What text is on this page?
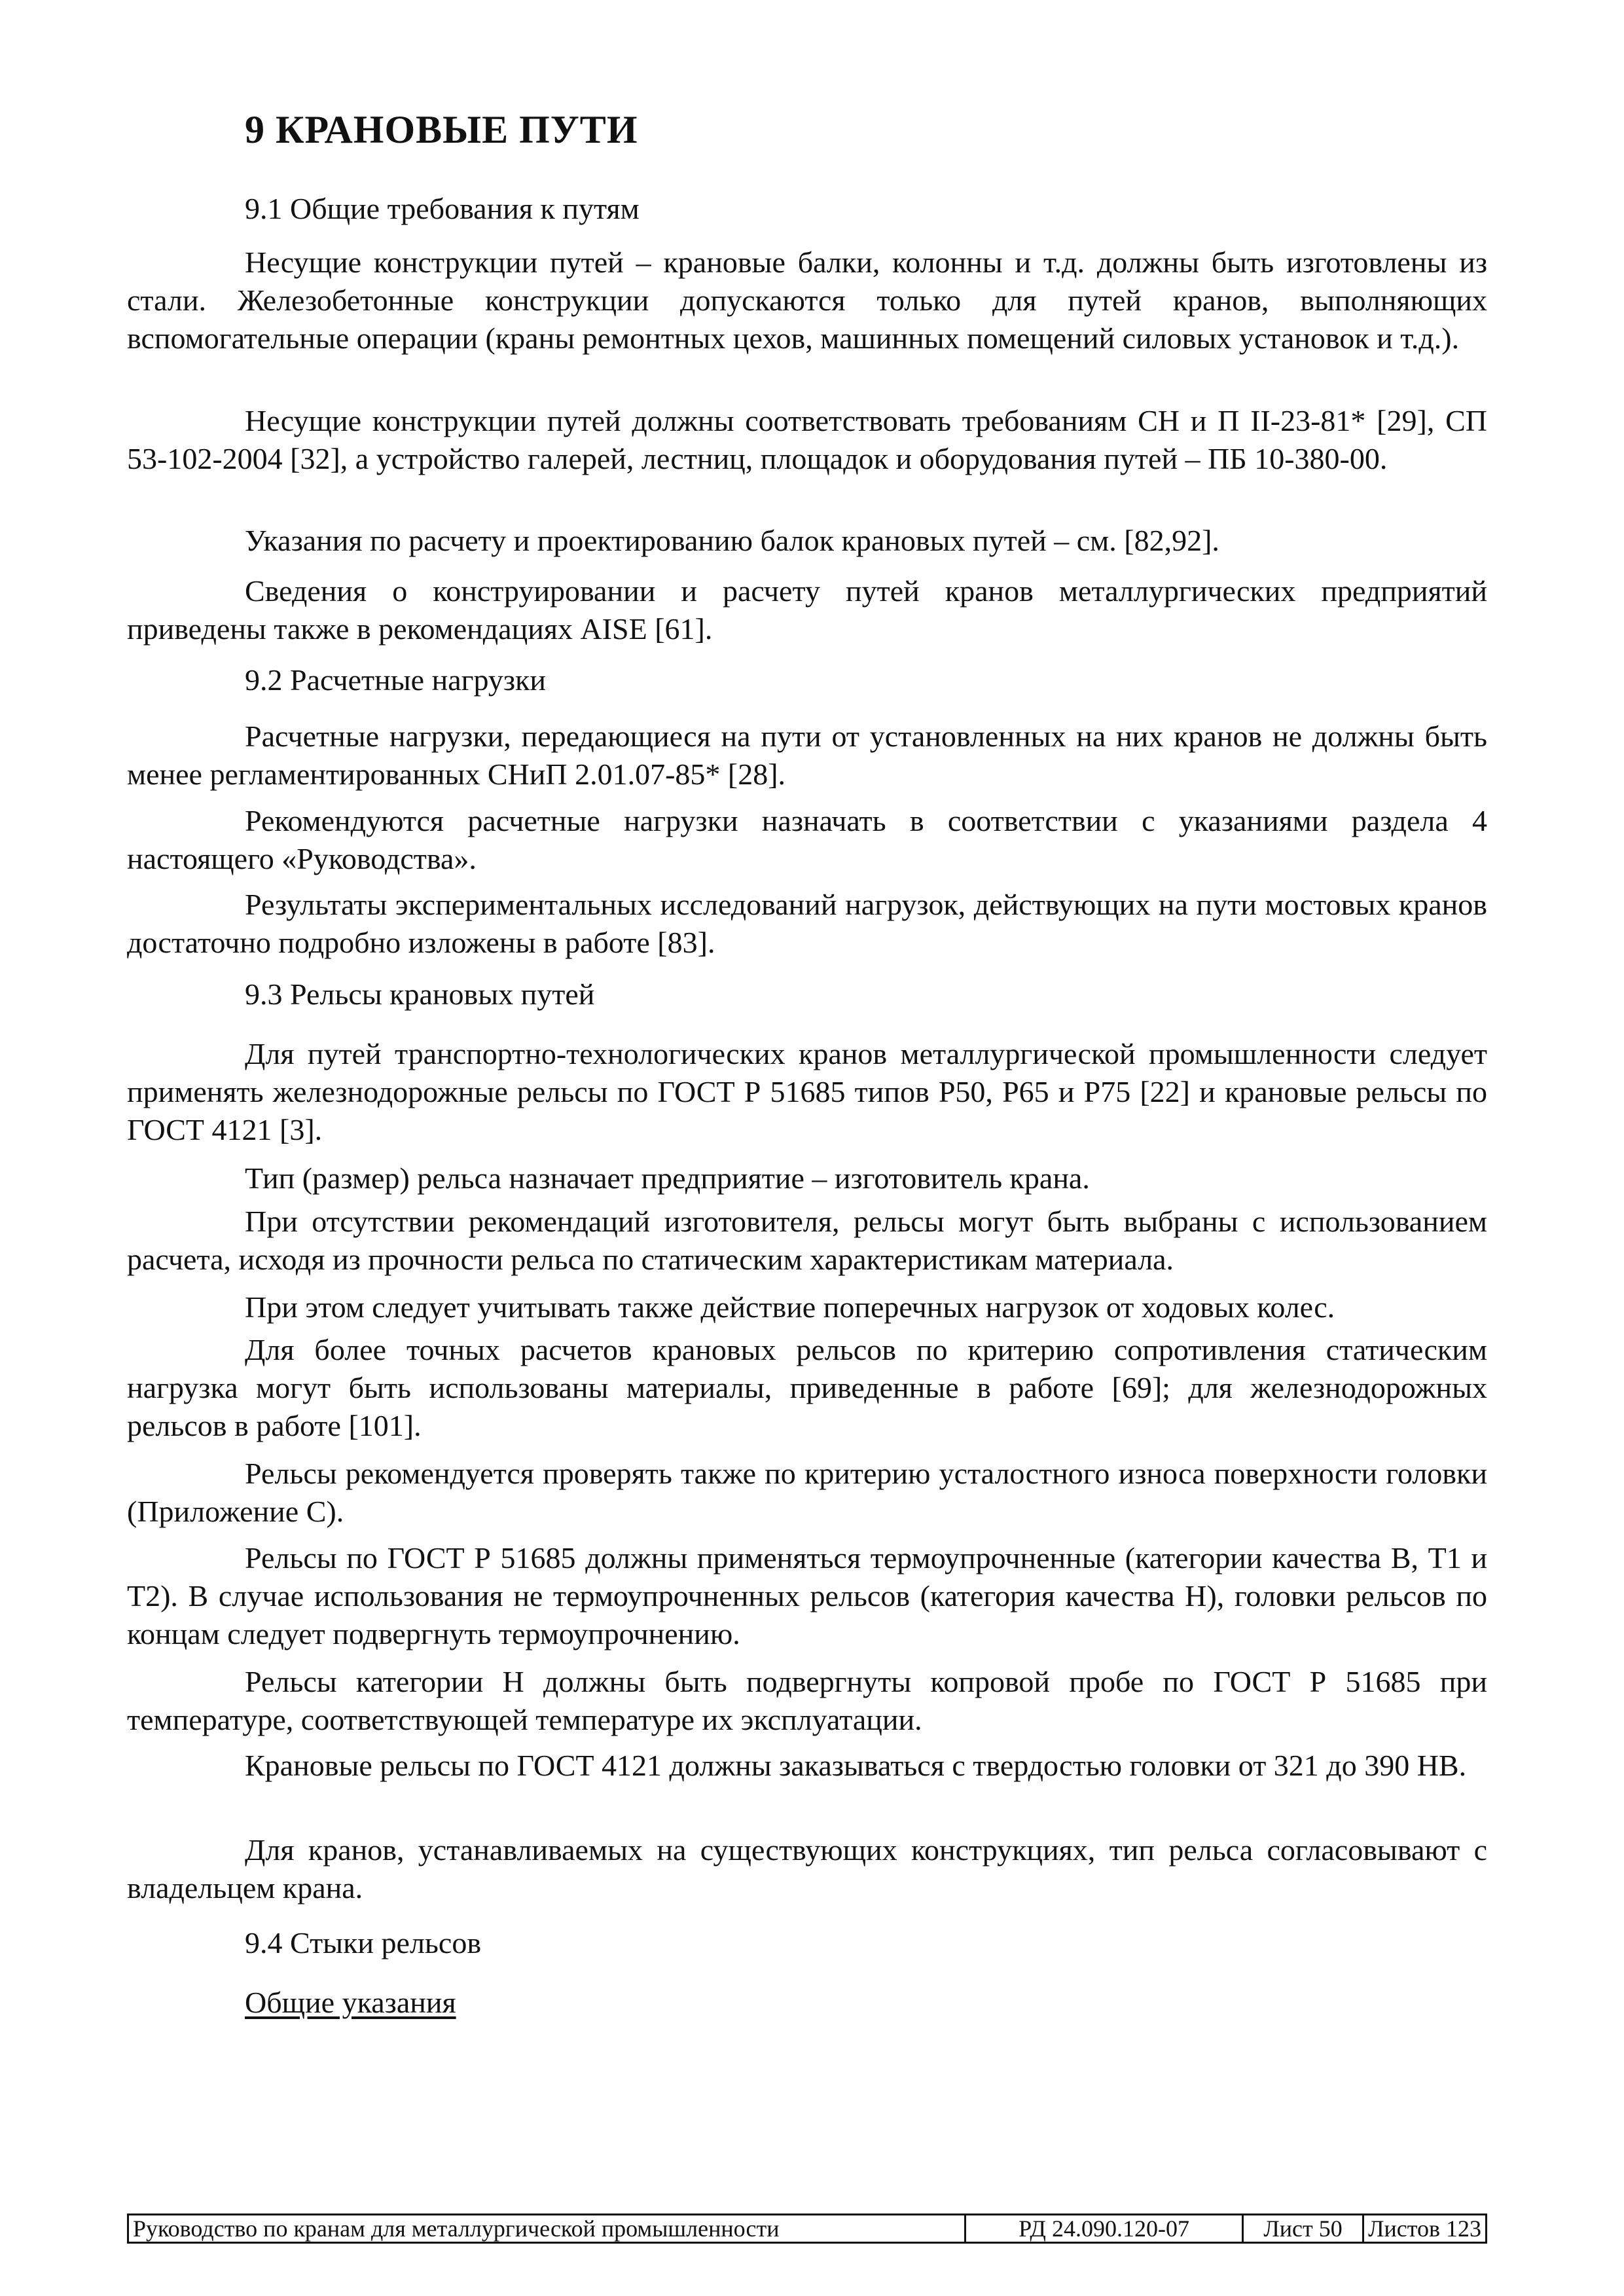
9 КРАНОВЫЕ ПУТИ
9.1 Общие требования к путям

Несущие конструкции путей – крановые балки, колонны и т.д. должны быть изготовлены из стали. Железобетонные конструкции допускаются только для путей кранов, выполняющих вспомогательные операции (краны ремонтных цехов, машинных помещений силовых установок и т.д.).

Несущие конструкции путей должны соответствовать требованиям СН и П II-23-81* [29], СП 53-102-2004 [32], а устройство галерей, лестниц, площадок и оборудования путей – ПБ 10-380-00.

Указания по расчету и проектированию балок крановых путей – см. [82,92].

Сведения о конструировании и расчету путей кранов металлургических предприятий приведены также в рекомендациях AISE [61].

9.2 Расчетные нагрузки

Расчетные нагрузки, передающиеся на пути от установленных на них кранов не должны быть менее регламентированных СНиП 2.01.07-85* [28].

Рекомендуются расчетные нагрузки назначать в соответствии с указаниями раздела 4 настоящего «Руководства».

Результаты экспериментальных исследований нагрузок, действующих на пути мостовых кранов достаточно подробно изложены в работе [83].

9.3 Рельсы крановых путей

Для путей транспортно-технологических кранов металлургической промышленности следует применять железнодорожные рельсы по ГОСТ Р 51685 типов Р50, Р65 и Р75 [22] и крановые рельсы по ГОСТ 4121 [3].

Тип (размер) рельса назначает предприятие – изготовитель крана.

При отсутствии рекомендаций изготовителя, рельсы могут быть выбраны с использованием расчета, исходя из прочности рельса по статическим характеристикам материала.

При этом следует учитывать также действие поперечных нагрузок от ходовых колес.

Для более точных расчетов крановых рельсов по критерию сопротивления статическим нагрузка могут быть использованы материалы, приведенные в работе [69]; для железнодорожных рельсов в работе [101].

Рельсы рекомендуется проверять также по критерию усталостного износа поверхности головки (Приложение С).

Рельсы по ГОСТ Р 51685 должны применяться термоупрочненные (категории качества В, Т1 и Т2). В случае использования не термоупрочненных рельсов (категория качества Н), головки рельсов по концам следует подвергнуть термоупрочнению.

Рельсы категории Н должны быть подвергнуты копровой пробе по ГОСТ Р 51685 при температуре, соответствующей температуре их эксплуатации.

Крановые рельсы по ГОСТ 4121 должны заказываться с твердостью головки от 321 до 390 НВ.

Для кранов, устанавливаемых на существующих конструкциях, тип рельса согласовывают с владельцем крана.

9.4 Стыки рельсов
Общие указания
Руководство по кранам для металлургической промышленности	РД 24.090.120-07	Лист 50	Листов 123
